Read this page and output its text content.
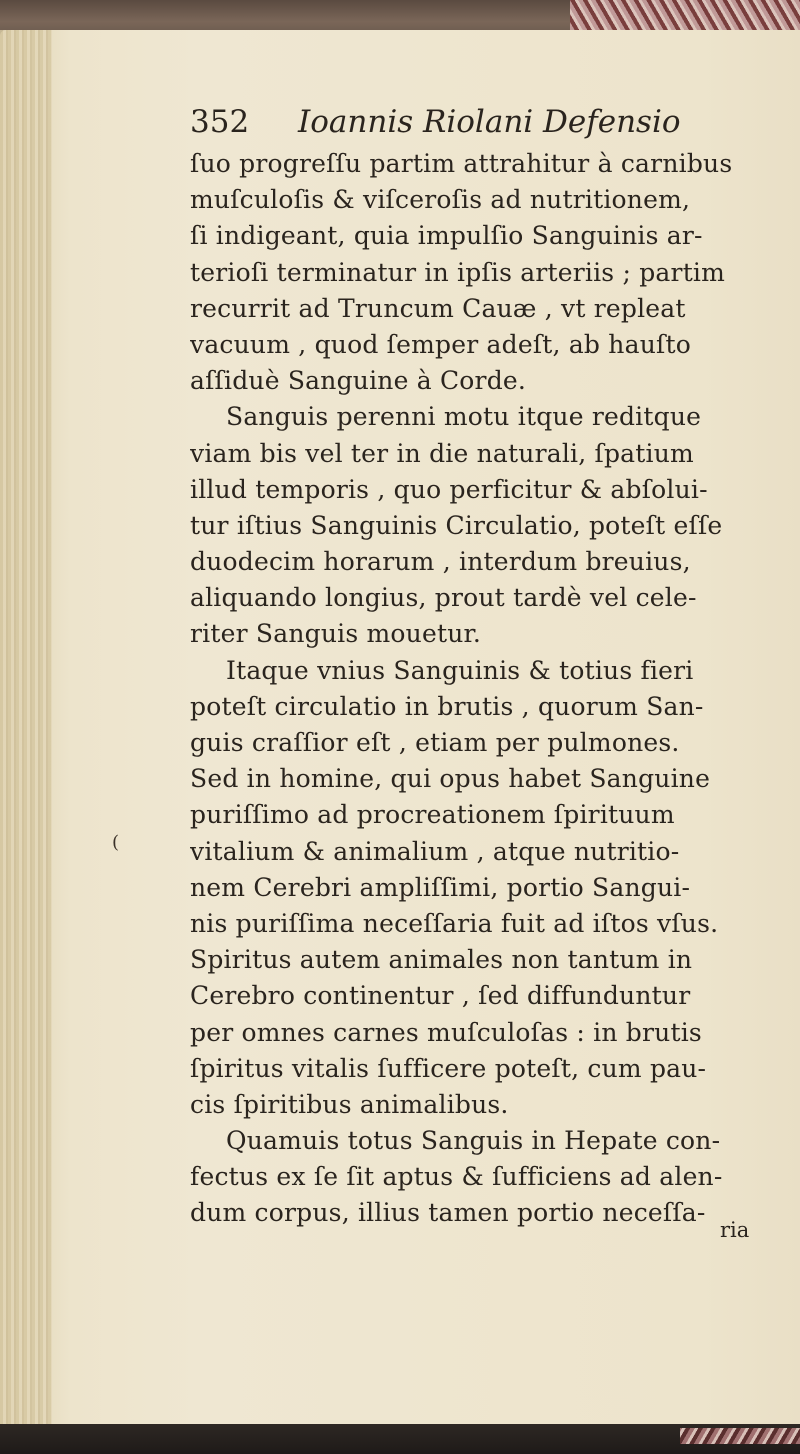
352	Ioannis Riolani Defensio
ſuo progreſſu partim attrahitur à carnibus
muſculoſis & viſceroſis ad nutritionem,
ſi indigeant, quia impulſio Sanguinis ar-
terioſi terminatur in ipſis arteriis ; partim
recurrit ad Truncum Cauæ , vt repleat
vacuum , quod ſemper adeſt, ab hauſto
aſſiduè Sanguine à Corde.
Sanguis perenni motu itque reditque
viam bis vel ter in die naturali, ſpatium
illud temporis , quo perficitur & abſolui-
tur iſtius Sanguinis Circulatio, poteſt eſſe
duodecim horarum , interdum breuius,
aliquando longius, prout tardè vel cele-
riter Sanguis mouetur.
Itaque vnius Sanguinis & totius fieri
poteſt circulatio in brutis , quorum San-
guis craſſior eſt , etiam per pulmones.
Sed in homine, qui opus habet Sanguine
puriſſimo ad procreationem ſpirituum
vitalium & animalium , atque nutritio-
nem Cerebri ampliſſimi, portio Sangui-
nis puriſſima neceſſaria fuit ad iſtos vſus.
Spiritus autem animales non tantum in
Cerebro continentur , ſed diffunduntur
per omnes carnes muſculoſas : in brutis
ſpiritus vitalis ſufficere poteſt, cum pau-
cis ſpiritibus animalibus.
Quamuis totus Sanguis in Hepate con-
fectus ex ſe ſit aptus & ſufficiens ad alen-
dum corpus, illius tamen portio neceſſa-
(
ria
